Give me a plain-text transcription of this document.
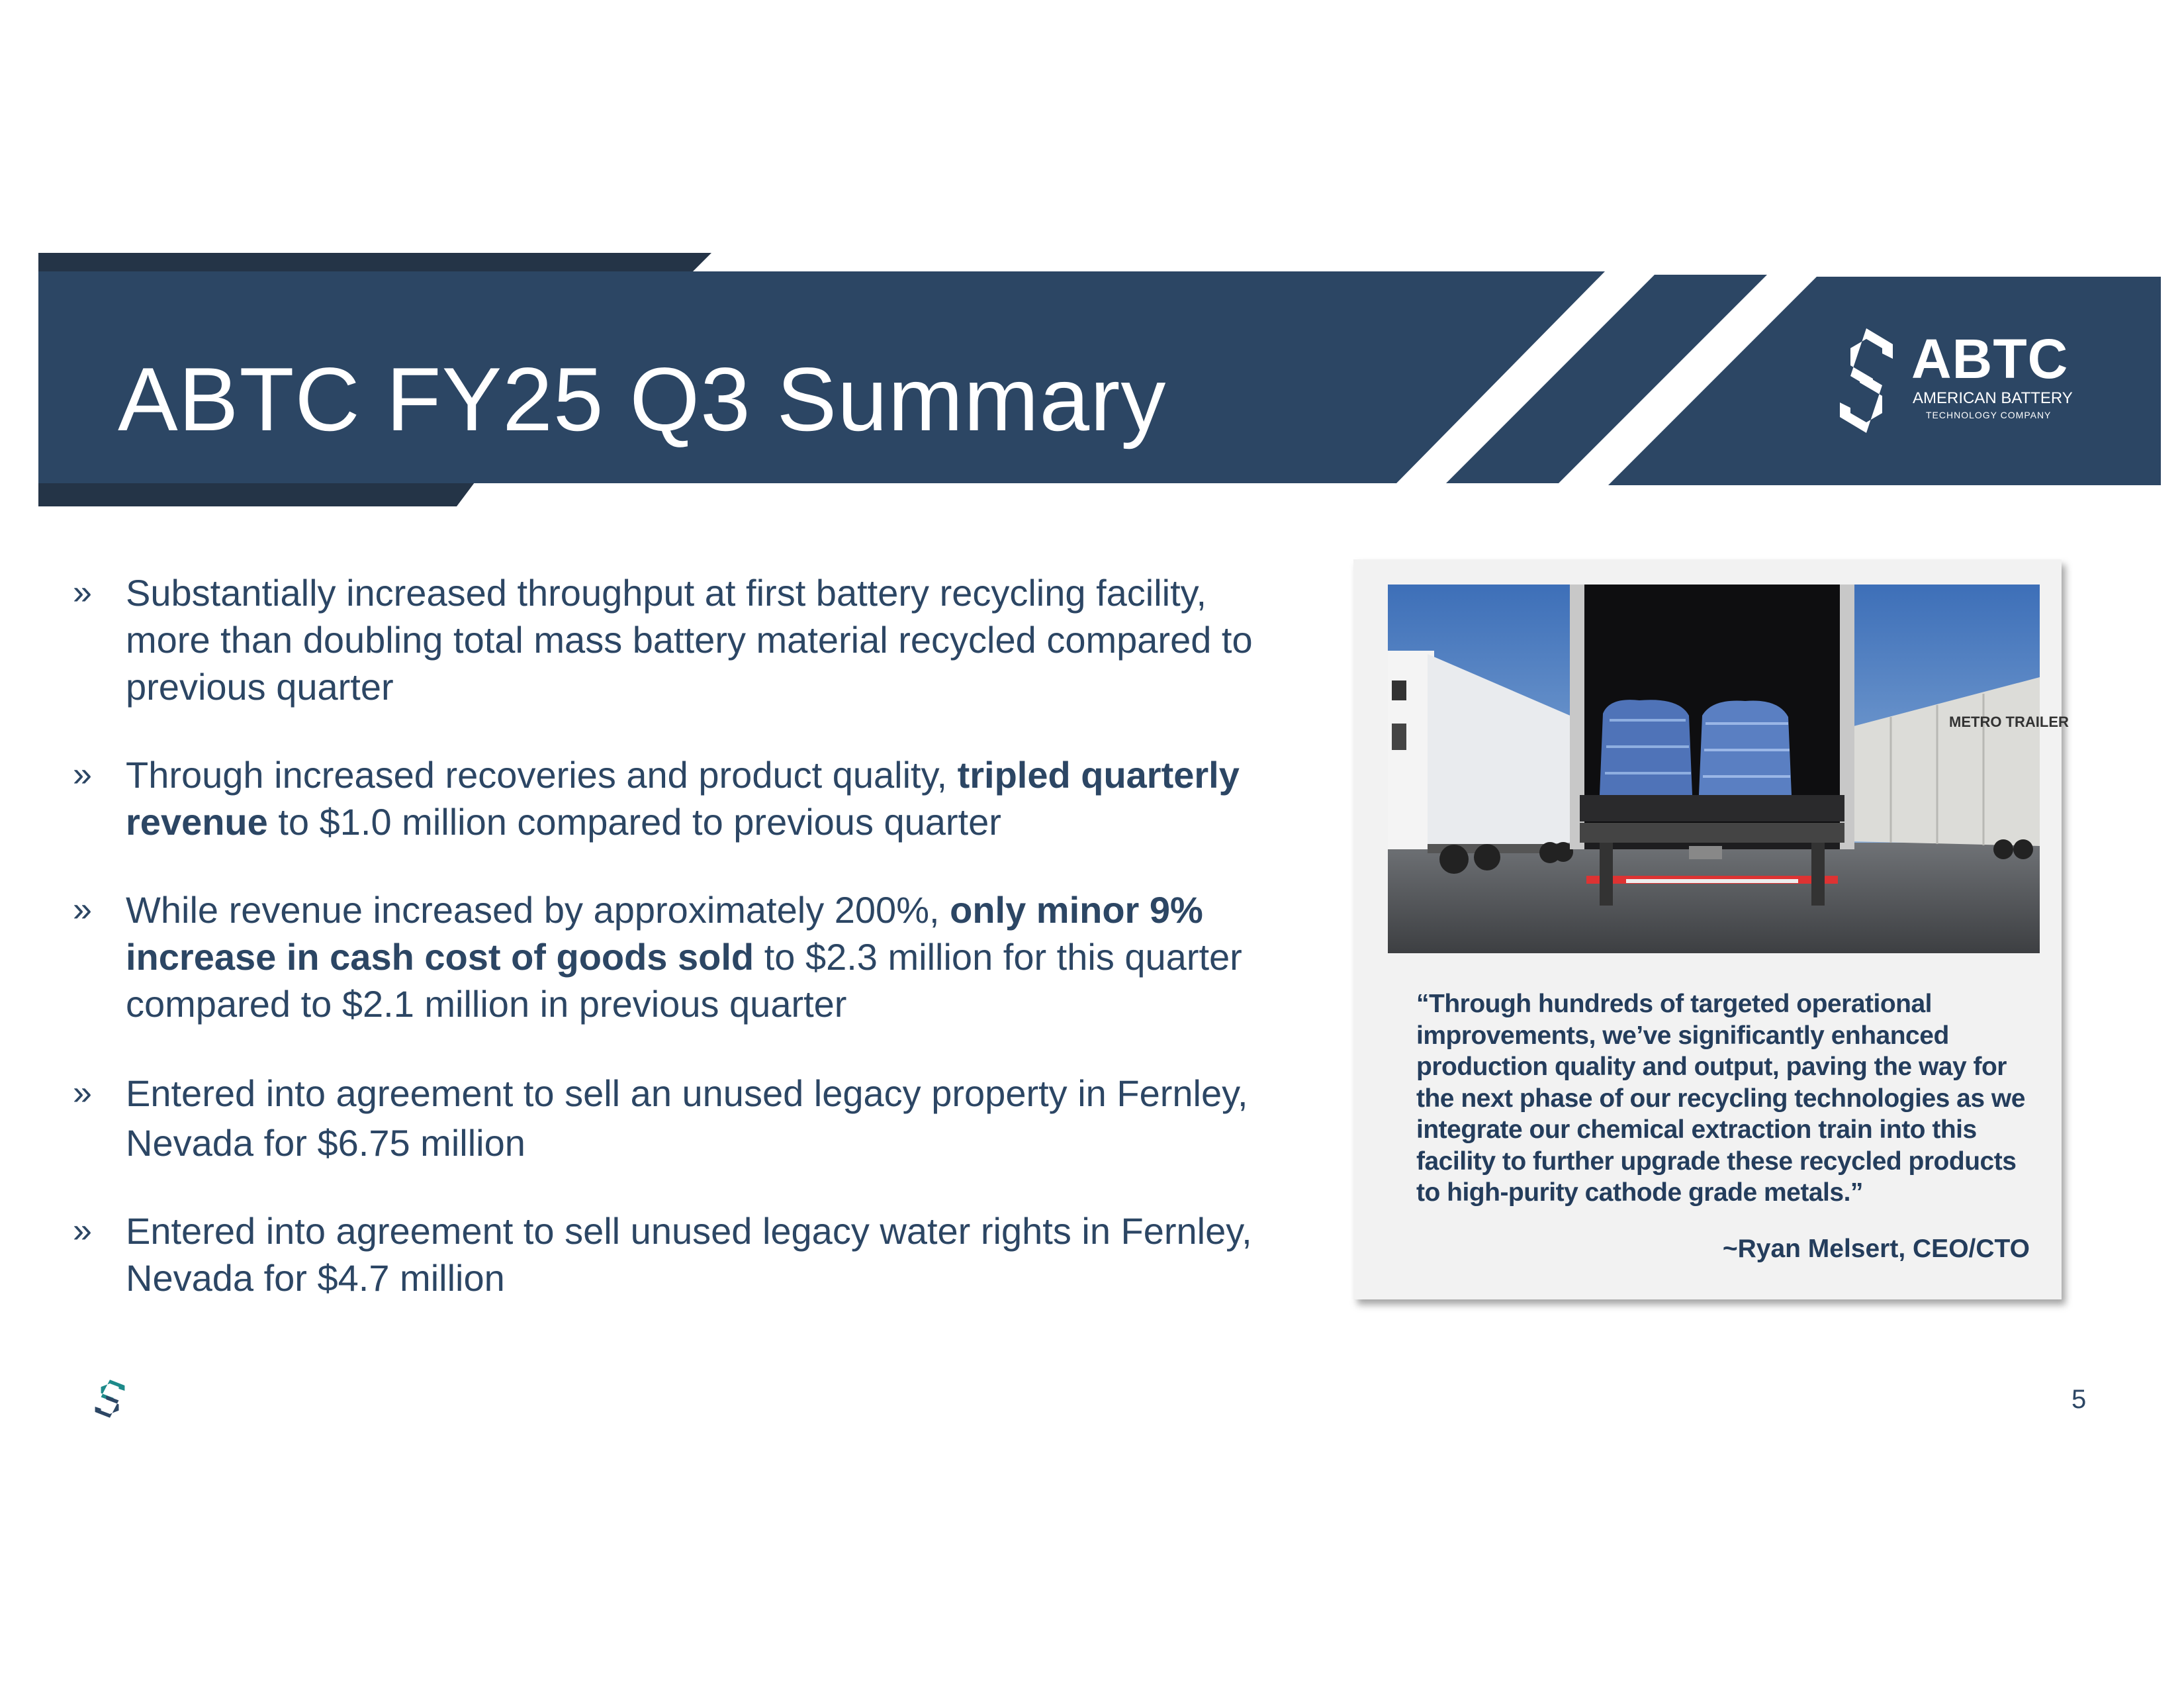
ABTC FY25 Q3 Summary	ABTC

AMERICAN BATTERY

TECHNOLOGY COMPANY

» Substantially increased throughput at first battery recycling facility, more than doubling total mass battery material recycled compared to previous quarter
» Through increased recoveries and product quality, tripled quarterly revenue to $1.0 million compared to previous quarter
» While revenue increased by approximately 200%, only minor 9% increase in cash cost of goods sold to $2.3 million for this quarter compared to $2.1 million in previous quarter
» Entered into agreement to sell an unused legacy property in Fernley, Nevada for $6.75 million
» Entered into agreement to sell unused legacy water rights in Fernley, Nevada for $4.7 million
METRO TRAILER

“Through hundreds of targeted operational improvements, we’ve significantly enhanced production quality and output, paving the way for the next phase of our recycling technologies as we integrate our chemical extraction train into this facility to further upgrade these recycled products to high-purity cathode grade metals.”

~Ryan Melsert, CEO/CTO

5
